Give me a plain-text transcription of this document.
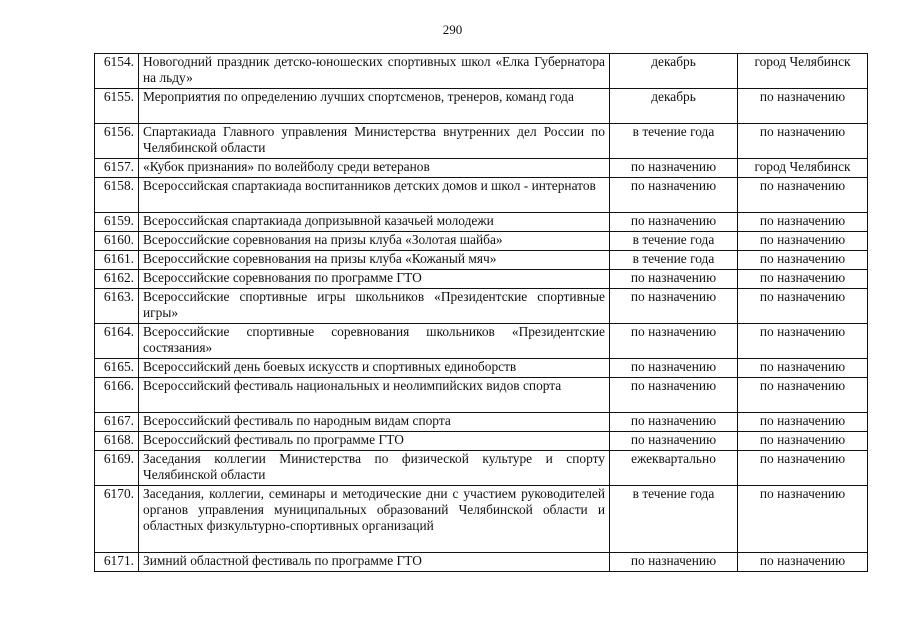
290
6154.	Новогодний праздник детско-юношеских спортивных школ «Елка Губернатора на льду»	декабрь	город Челябинск
6155.	Мероприятия по определению лучших спортсменов, тренеров, команд года	декабрь	по назначению
6156.	Спартакиада Главного управления Министерства внутренних дел России по Челябинской области	в течение года	по назначению
6157.	«Кубок признания» по волейболу среди ветеранов	по назначению	город Челябинск
6158.	Всероссийская спартакиада воспитанников детских домов и школ - интернатов	по назначению	по назначению
6159.	Всероссийская спартакиада допризывной казачьей молодежи	по назначению	по назначению
6160.	Всероссийские соревнования на призы клуба «Золотая шайба»	в течение года	по назначению
6161.	Всероссийские соревнования на призы клуба «Кожаный мяч»	в течение года	по назначению
6162.	Всероссийские соревнования по программе ГТО	по назначению	по назначению
6163.	Всероссийские спортивные игры школьников «Президентские спортивные игры»	по назначению	по назначению
6164.	Всероссийские спортивные соревнования школьников «Президентские состязания»	по назначению	по назначению
6165.	Всероссийский день боевых искусств и спортивных единоборств	по назначению	по назначению
6166.	Всероссийский фестиваль национальных и неолимпийских видов спорта	по назначению	по назначению
6167.	Всероссийский фестиваль по народным видам спорта	по назначению	по назначению
6168.	Всероссийский фестиваль по программе ГТО	по назначению	по назначению
6169.	Заседания коллегии Министерства по физической культуре и спорту Челябинской области	ежеквартально	по назначению
6170.	Заседания, коллегии, семинары и методические дни с участием руководителей органов управления муниципальных образований Челябинской области и областных физкультурно-спортивных организаций	в течение года	по назначению
6171.	Зимний областной фестиваль по программе ГТО	по назначению	по назначению
